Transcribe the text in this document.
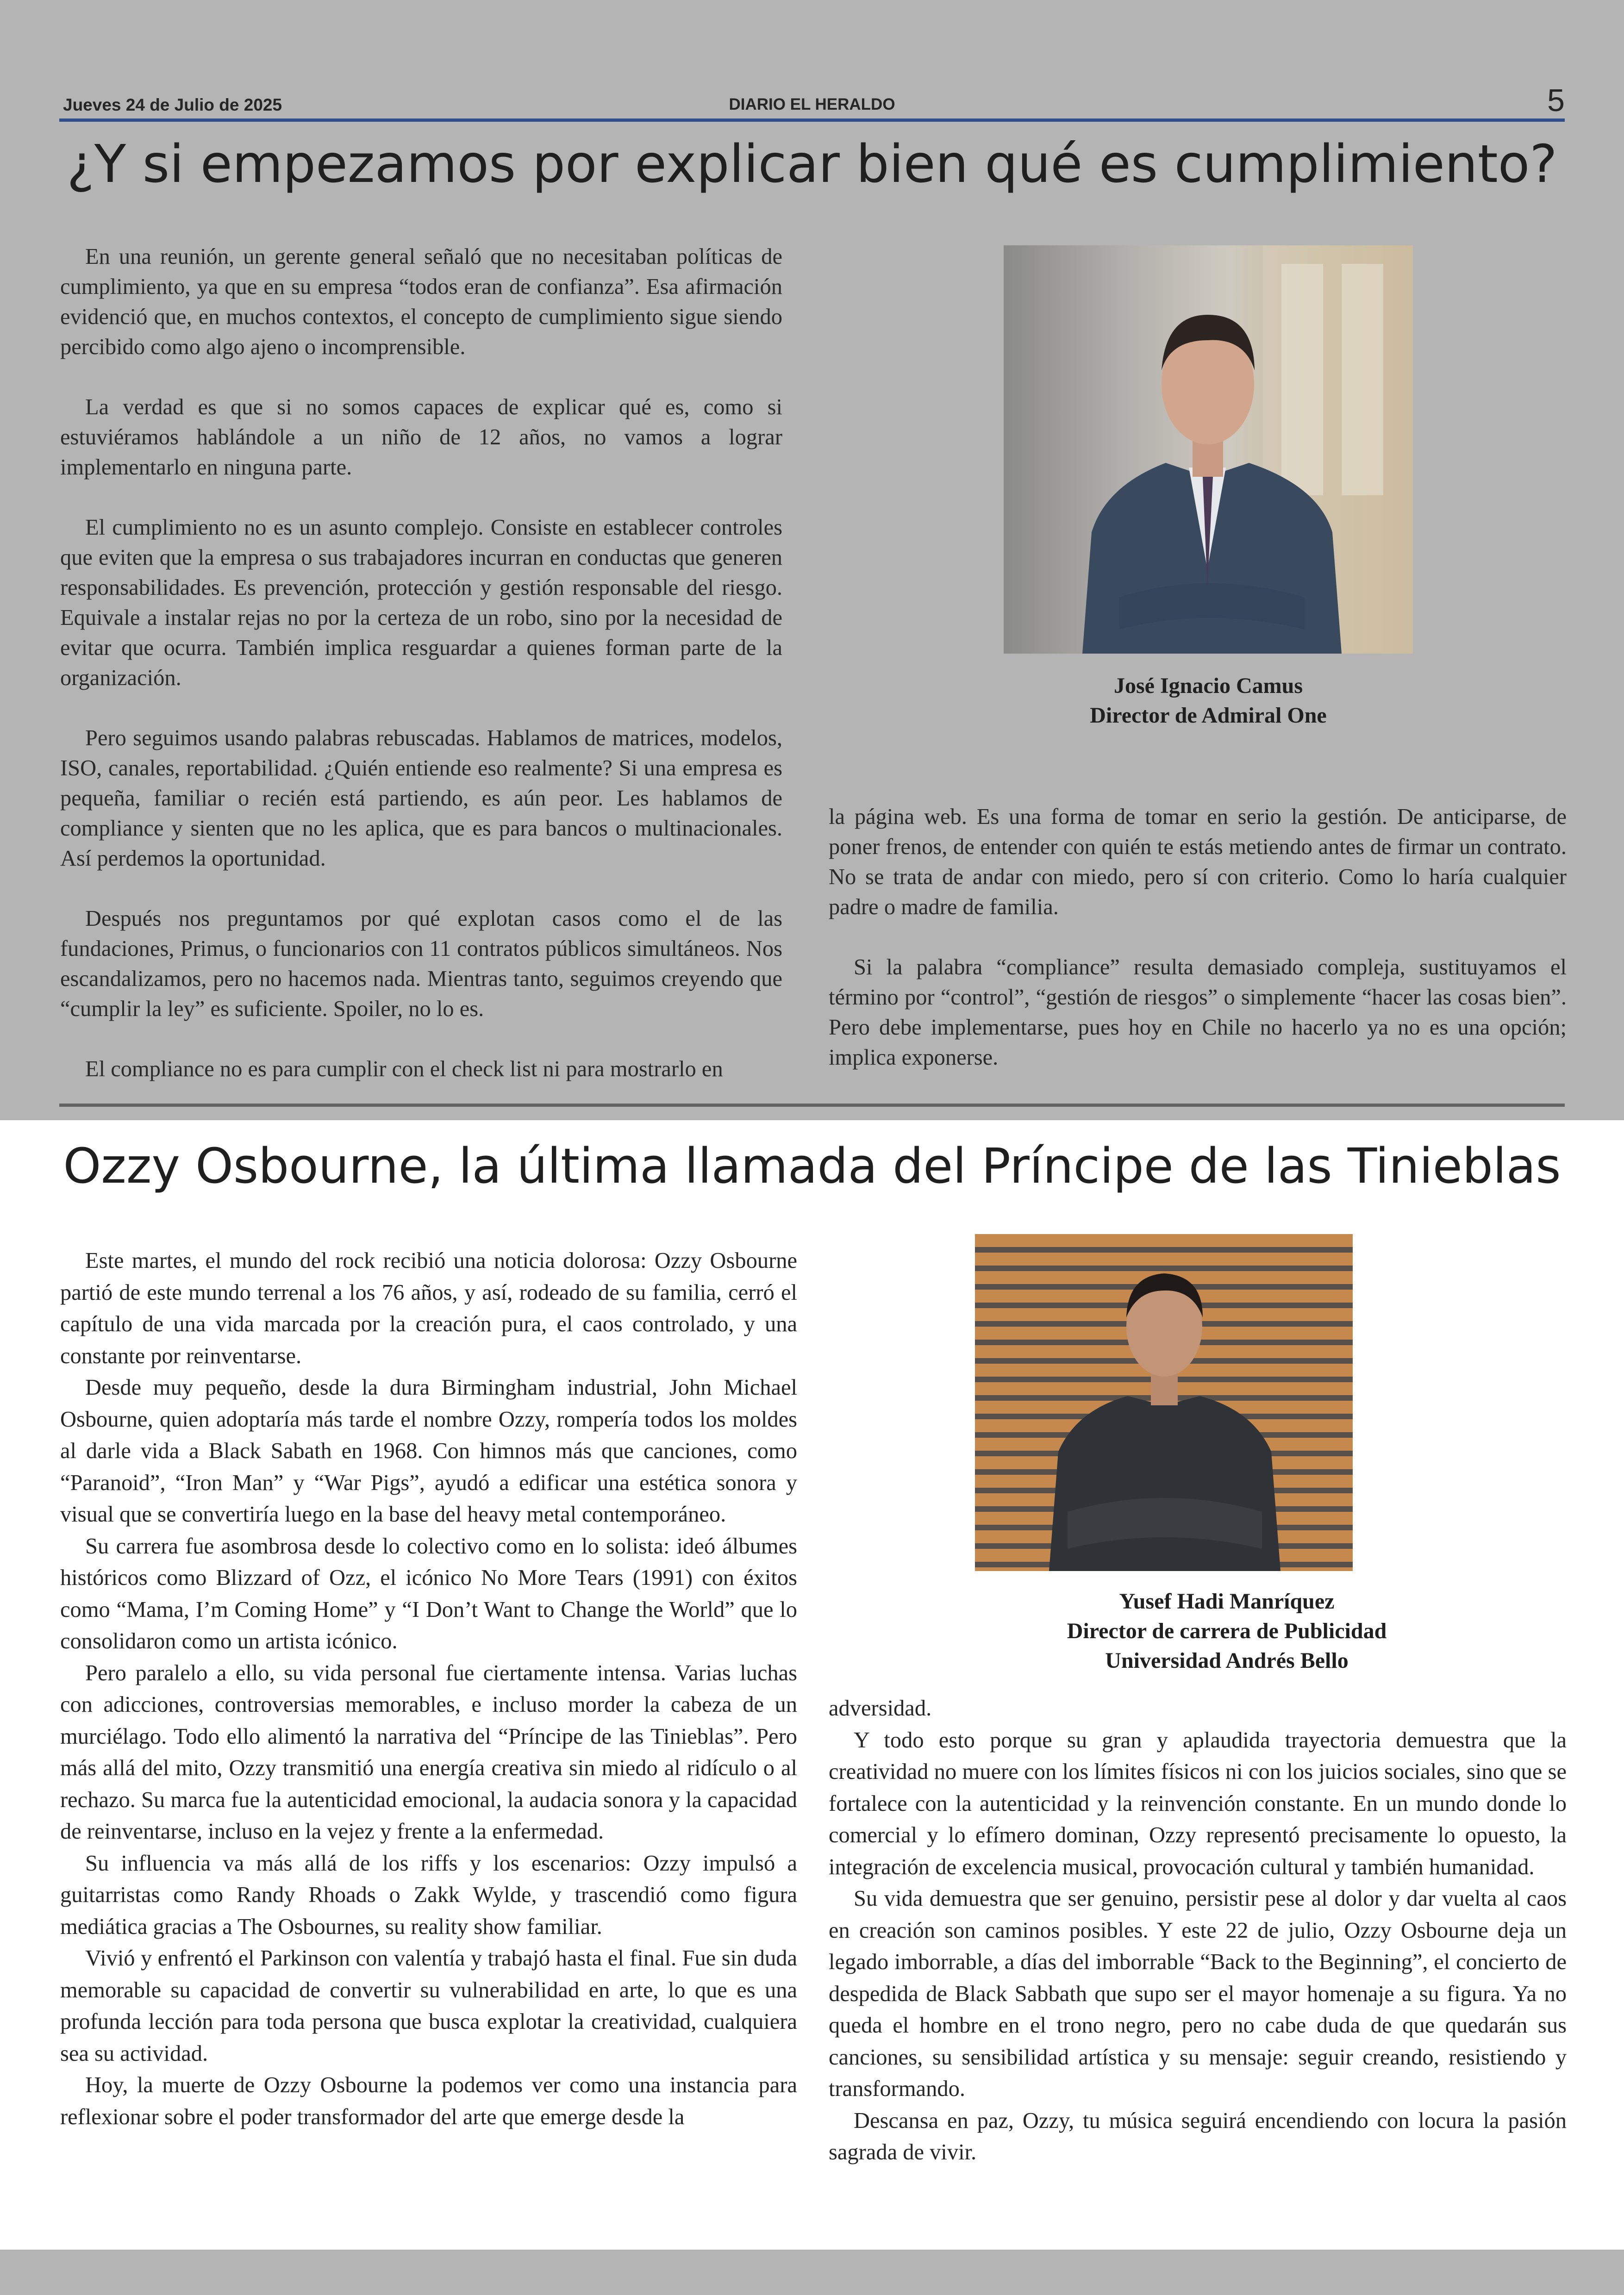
Jueves 24 de Julio de 2025	DIARIO EL HERALDO	5
¿Y si empezamos por explicar bien qué es cumplimiento?

En una reunión, un gerente general señaló que no necesitaban políticas de cumplimiento, ya que en su empresa “todos eran de confianza”. Esa afirmación evidenció que, en muchos contextos, el concepto de cumplimiento sigue siendo percibido como algo ajeno o incomprensible.

La verdad es que si no somos capaces de explicar qué es, como si estuviéramos hablándole a un niño de 12 años, no vamos a lograr implementarlo en ninguna parte.

El cumplimiento no es un asunto complejo. Consiste en establecer controles que eviten que la empresa o sus trabajadores incurran en conductas que generen responsabilidades. Es prevención, protección y gestión responsable del riesgo. Equivale a instalar rejas no por la certeza de un robo, sino por la necesidad de evitar que ocurra. También implica resguardar a quienes forman parte de la organización.

Pero seguimos usando palabras rebuscadas. Hablamos de matrices, modelos, ISO, canales, reportabilidad. ¿Quién entiende eso realmente? Si una empresa es pequeña, familiar o recién está partiendo, es aún peor. Les hablamos de compliance y sienten que no les aplica, que es para bancos o multinacionales. Así perdemos la oportunidad.

Después nos preguntamos por qué explotan casos como el de las fundaciones, Primus, o funcionarios con 11 contratos públicos simultáneos. Nos escandalizamos, pero no hacemos nada. Mientras tanto, seguimos creyendo que “cumplir la ley” es suficiente. Spoiler, no lo es.

El compliance no es para cumplir con el check list ni para mostrarlo en

José Ignacio Camus
Director de Admiral One

la página web. Es una forma de tomar en serio la gestión. De anticiparse, de poner frenos, de entender con quién te estás metiendo antes de firmar un contrato. No se trata de andar con miedo, pero sí con criterio. Como lo haría cualquier padre o madre de familia.

Si la palabra “compliance” resulta demasiado compleja, sustituyamos el término por “control”, “gestión de riesgos” o simplemente “hacer las cosas bien”. Pero debe implementarse, pues hoy en Chile no hacerlo ya no es una opción; implica exponerse.

Ozzy Osbourne, la última llamada del Príncipe de las Tinieblas

Este martes, el mundo del rock recibió una noticia dolorosa: Ozzy Osbourne partió de este mundo terrenal a los 76 años, y así, rodeado de su familia, cerró el capítulo de una vida marcada por la creación pura, el caos controlado, y una constante por reinventarse.

Desde muy pequeño, desde la dura Birmingham industrial, John Michael Osbourne, quien adoptaría más tarde el nombre Ozzy, rompería todos los moldes al darle vida a Black Sabath en 1968. Con himnos más que canciones, como “Paranoid”, “Iron Man” y “War Pigs”, ayudó a edificar una estética sonora y visual que se convertiría luego en la base del heavy metal contemporáneo.

Su carrera fue asombrosa desde lo colectivo como en lo solista: ideó álbumes históricos como Blizzard of Ozz, el icónico No More Tears (1991) con éxitos como “Mama, I’m Coming Home” y “I Don’t Want to Change the World” que lo consolidaron como un artista icónico.

Pero paralelo a ello, su vida personal fue ciertamente intensa. Varias luchas con adicciones, controversias memorables, e incluso morder la cabeza de un murciélago. Todo ello alimentó la narrativa del “Príncipe de las Tinieblas”. Pero más allá del mito, Ozzy transmitió una energía creativa sin miedo al ridículo o al rechazo. Su marca fue la autenticidad emocional, la audacia sonora y la capacidad de reinventarse, incluso en la vejez y frente a la enfermedad.

Su influencia va más allá de los riffs y los escenarios: Ozzy impulsó a guitarristas como Randy Rhoads o Zakk Wylde, y trascendió como figura mediática gracias a The Osbournes, su reality show familiar.

Vivió y enfrentó el Parkinson con valentía y trabajó hasta el final. Fue sin duda memorable su capacidad de convertir su vulnerabilidad en arte, lo que es una profunda lección para toda persona que busca explotar la creatividad, cualquiera sea su actividad.

Hoy, la muerte de Ozzy Osbourne la podemos ver como una instancia para reflexionar sobre el poder transformador del arte que emerge desde la

Yusef Hadi Manríquez
Director de carrera de Publicidad
Universidad Andrés Bello

adversidad.

Y todo esto porque su gran y aplaudida trayectoria demuestra que la creatividad no muere con los límites físicos ni con los juicios sociales, sino que se fortalece con la autenticidad y la reinvención constante. En un mundo donde lo comercial y lo efímero dominan, Ozzy representó precisamente lo opuesto, la integración de excelencia musical, provocación cultural y también humanidad.

Su vida demuestra que ser genuino, persistir pese al dolor y dar vuelta al caos en creación son caminos posibles. Y este 22 de julio, Ozzy Osbourne deja un legado imborrable, a días del imborrable “Back to the Beginning”, el concierto de despedida de Black Sabbath que supo ser el mayor homenaje a su figura. Ya no queda el hombre en el trono negro, pero no cabe duda de que quedarán sus canciones, su sensibilidad artística y su mensaje: seguir creando, resistiendo y transformando.

Descansa en paz, Ozzy, tu música seguirá encendiendo con locura la pasión sagrada de vivir.
